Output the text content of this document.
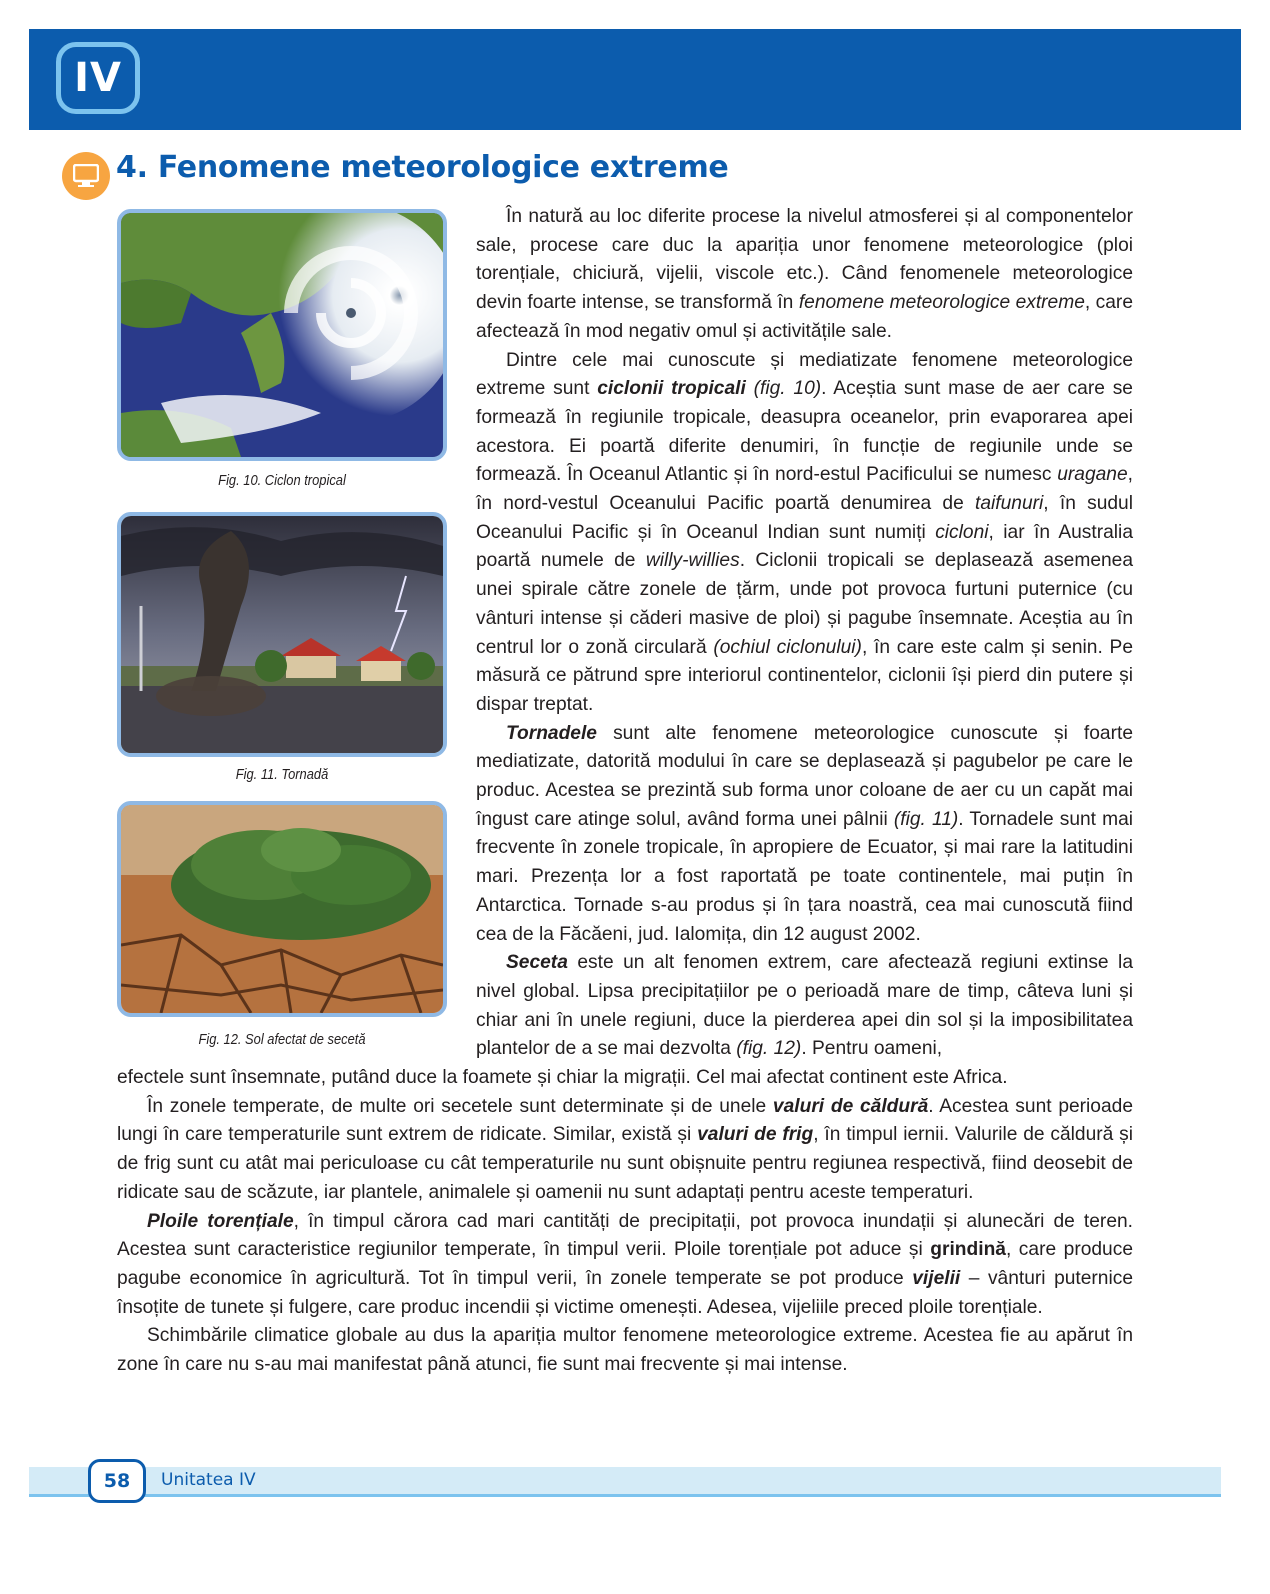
IV
4. Fenomene meteorologice extreme
Fig. 10. Ciclon tropical
Fig. 11. Tornadă
Fig. 12. Sol afectat de secetă

În natură au loc diferite procese la nivelul atmosferei și al componentelor sale, procese care duc la apariția unor fenomene meteorologice (ploi torențiale, chiciură, vijelii, viscole etc.). Când fenomenele meteorologice devin foarte intense, se transformă în fenomene meteorologice extreme, care afectează în mod negativ omul și activitățile sale.

Dintre cele mai cunoscute și mediatizate fenomene meteorologice extreme sunt ciclonii tropicali (fig. 10). Aceștia sunt mase de aer care se formează în regiunile tropicale, deasupra oceanelor, prin evaporarea apei acestora. Ei poartă diferite denumiri, în funcție de regiunile unde se formează. În Oceanul Atlantic și în nord-estul Pacificului se numesc uragane, în nord-vestul Oceanului Pacific poartă denumirea de taifunuri, în sudul Oceanului Pacific și în Oceanul Indian sunt numiți cicloni, iar în Australia poartă numele de willy-willies. Ciclonii tropicali se deplasează asemenea unei spirale către zonele de țărm, unde pot provoca furtuni puternice (cu vânturi intense și căderi masive de ploi) și pagube însemnate. Aceștia au în centrul lor o zonă circulară (ochiul ciclonului), în care este calm și senin. Pe măsură ce pătrund spre interiorul continentelor, ciclonii își pierd din putere și dispar treptat.

Tornadele sunt alte fenomene meteorologice cunoscute și foarte mediatizate, datorită modului în care se deplasează și pagubelor pe care le produc. Acestea se prezintă sub forma unor coloane de aer cu un capăt mai îngust care atinge solul, având forma unei pâlnii (fig. 11). Tornadele sunt mai frecvente în zonele tropicale, în apropiere de Ecuator, și mai rare la latitudini mari. Prezența lor a fost raportată pe toate continentele, mai puțin în Antarctica. Tornade s-au produs și în țara noastră, cea mai cunoscută fiind cea de la Făcăeni, jud. Ialomița, din 12 august 2002.

Seceta este un alt fenomen extrem, care afectează regiuni extinse la nivel global. Lipsa precipitațiilor pe o perioadă mare de timp, câteva luni și chiar ani în unele regiuni, duce la pierderea apei din sol și la imposibilitatea plantelor de a se mai dezvolta (fig. 12). Pentru oameni,

efectele sunt însemnate, putând duce la foamete și chiar la migrații. Cel mai afectat continent este Africa.

În zonele temperate, de multe ori secetele sunt determinate și de unele valuri de căldură. Acestea sunt perioade lungi în care temperaturile sunt extrem de ridicate. Similar, există și valuri de frig, în timpul iernii. Valurile de căldură și de frig sunt cu atât mai periculoase cu cât temperaturile nu sunt obișnuite pentru regiunea respectivă, fiind deosebit de ridicate sau de scăzute, iar plantele, animalele și oamenii nu sunt adaptați pentru aceste temperaturi.

Ploile torențiale, în timpul cărora cad mari cantități de precipitații, pot provoca inundații și alunecări de teren. Acestea sunt caracteristice regiunilor temperate, în timpul verii. Ploile torențiale pot aduce și grindină, care produce pagube economice în agricultură. Tot în timpul verii, în zonele temperate se pot produce vijelii – vânturi puternice însoțite de tunete și fulgere, care produc incendii și victime omenești. Adesea, vijeliile preced ploile torențiale.

Schimbările climatice globale au dus la apariția multor fenomene meteorologice extreme. Acestea fie au apărut în zone în care nu s-au mai manifestat până atunci, fie sunt mai frecvente și mai intense.

58 Unitatea IV
